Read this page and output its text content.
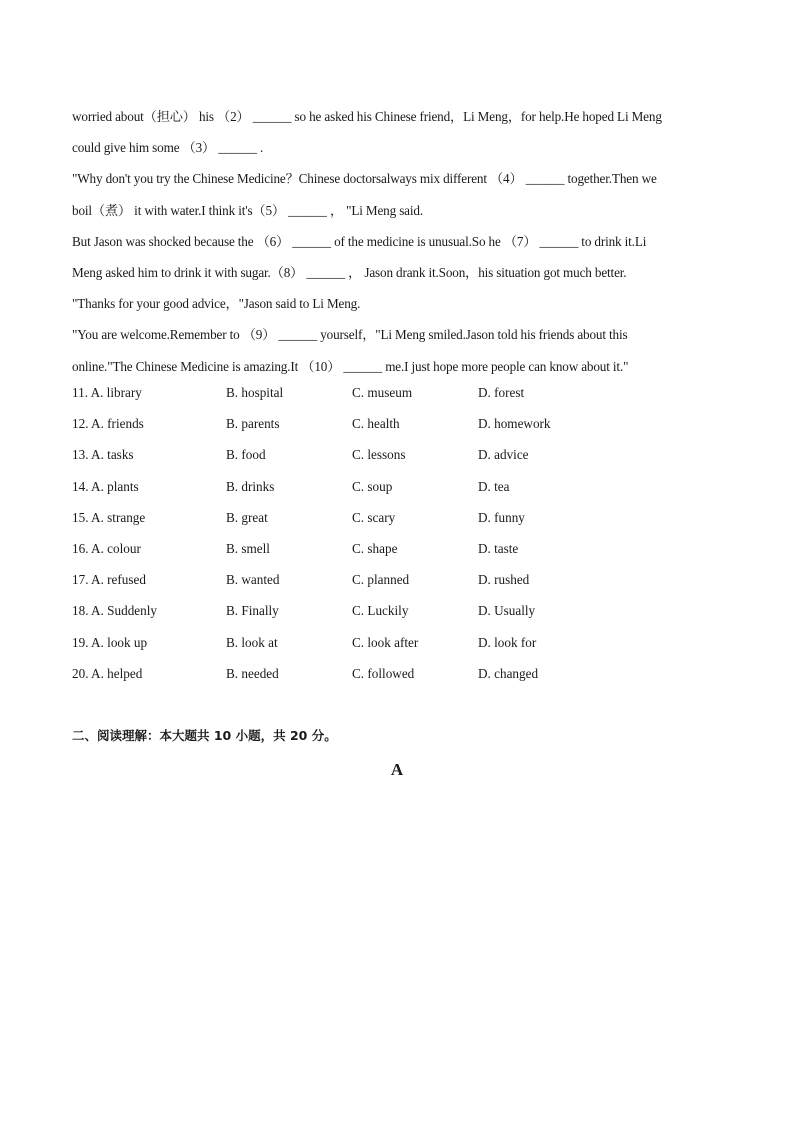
worried about（担心） his （2） ______ so he asked his Chinese friend，Li Meng，for help.He hoped Li Meng
could give him some （3） ______ .
"Why don't you try the Chinese Medicine？Chinese doctorsalways mix different （4） ______ together.Then we
boil（煮） it with water.I think it's（5） ______ ， "Li Meng said.
But Jason was shocked because the （6） ______ of the medicine is unusual.So he （7） ______ to drink it.Li
Meng asked him to drink it with sugar.（8） ______ ， Jason drank it.Soon，his situation got much better.
"Thanks for your good advice，"Jason said to Li Meng.
"You are welcome.Remember to （9） ______ yourself，"Li Meng smiled.Jason told his friends about this
online."The Chinese Medicine is amazing.It （10） ______ me.I just hope more people can know about it."
11. A. library	B. hospital	C. museum	D. forest
12. A. friends	B. parents	C. health	D. homework
13. A. tasks	B. food	C. lessons	D. advice
14. A. plants	B. drinks	C. soup	D. tea
15. A. strange	B. great	C. scary	D. funny
16. A. colour	B. smell	C. shape	D. taste
17. A. refused	B. wanted	C. planned	D. rushed
18. A. Suddenly	B. Finally	C. Luckily	D. Usually
19. A. look up	B. look at	C. look after	D. look for
20. A. helped	B. needed	C. followed	D. changed
二、阅读理解：本大题共 10 小题，共 20 分。
A
